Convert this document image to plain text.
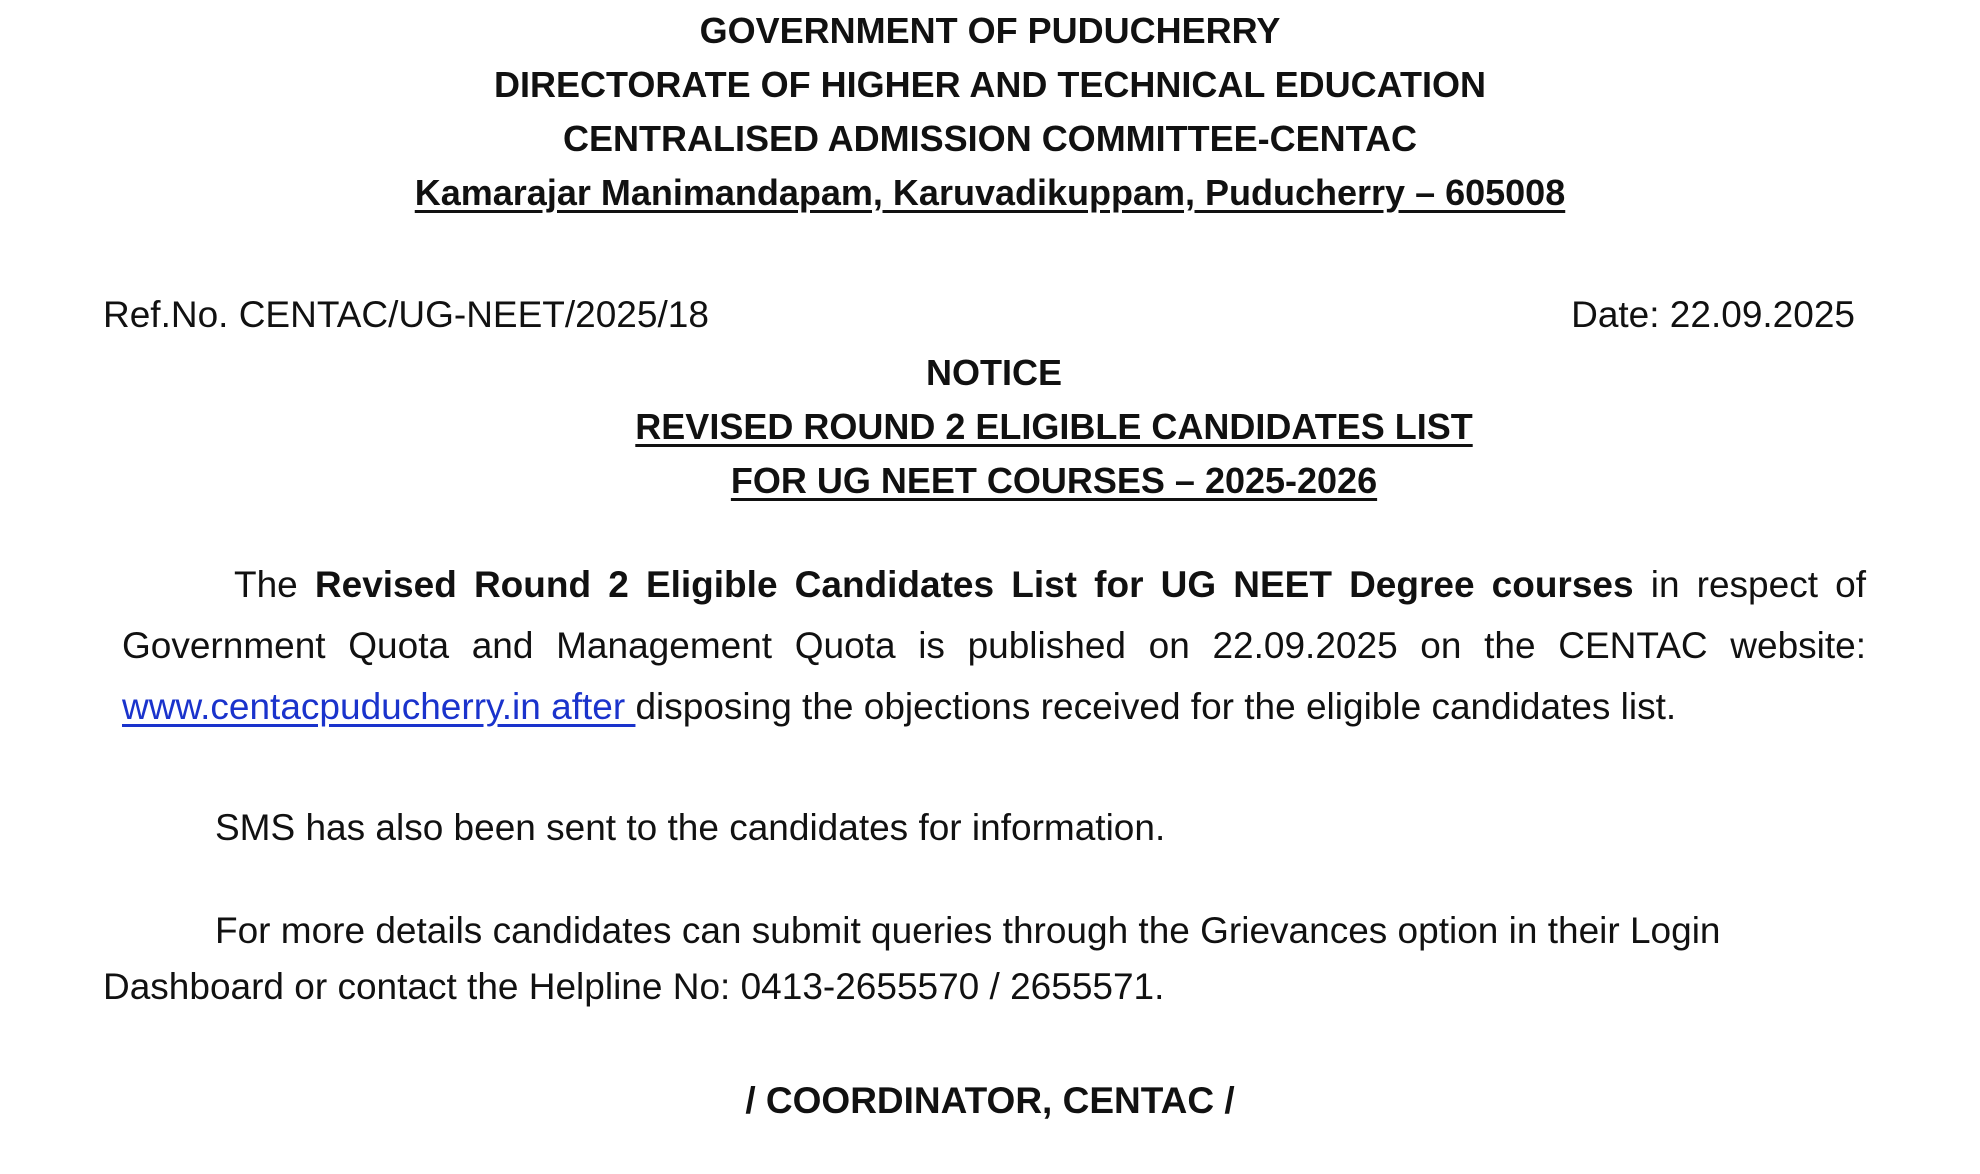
GOVERNMENT OF PUDUCHERRY
DIRECTORATE OF HIGHER AND TECHNICAL EDUCATION
CENTRALISED ADMISSION COMMITTEE-CENTAC
Kamarajar Manimandapam, Karuvadikuppam, Puducherry – 605008
Ref.No. CENTAC/UG-NEET/2025/18	Date: 22.09.2025
NOTICE
REVISED ROUND 2 ELIGIBLE CANDIDATES LIST
FOR UG NEET COURSES – 2025-2026
The Revised Round 2 Eligible Candidates List for UG NEET Degree courses in respect of Government Quota and Management Quota is published on 22.09.2025 on the CENTAC website: www.centacpuducherry.in after disposing the objections received for the eligible candidates list.
SMS has also been sent to the candidates for information.
For more details candidates can submit queries through the Grievances option in their Login Dashboard or contact the Helpline No: 0413-2655570 / 2655571.
/ COORDINATOR, CENTAC /
